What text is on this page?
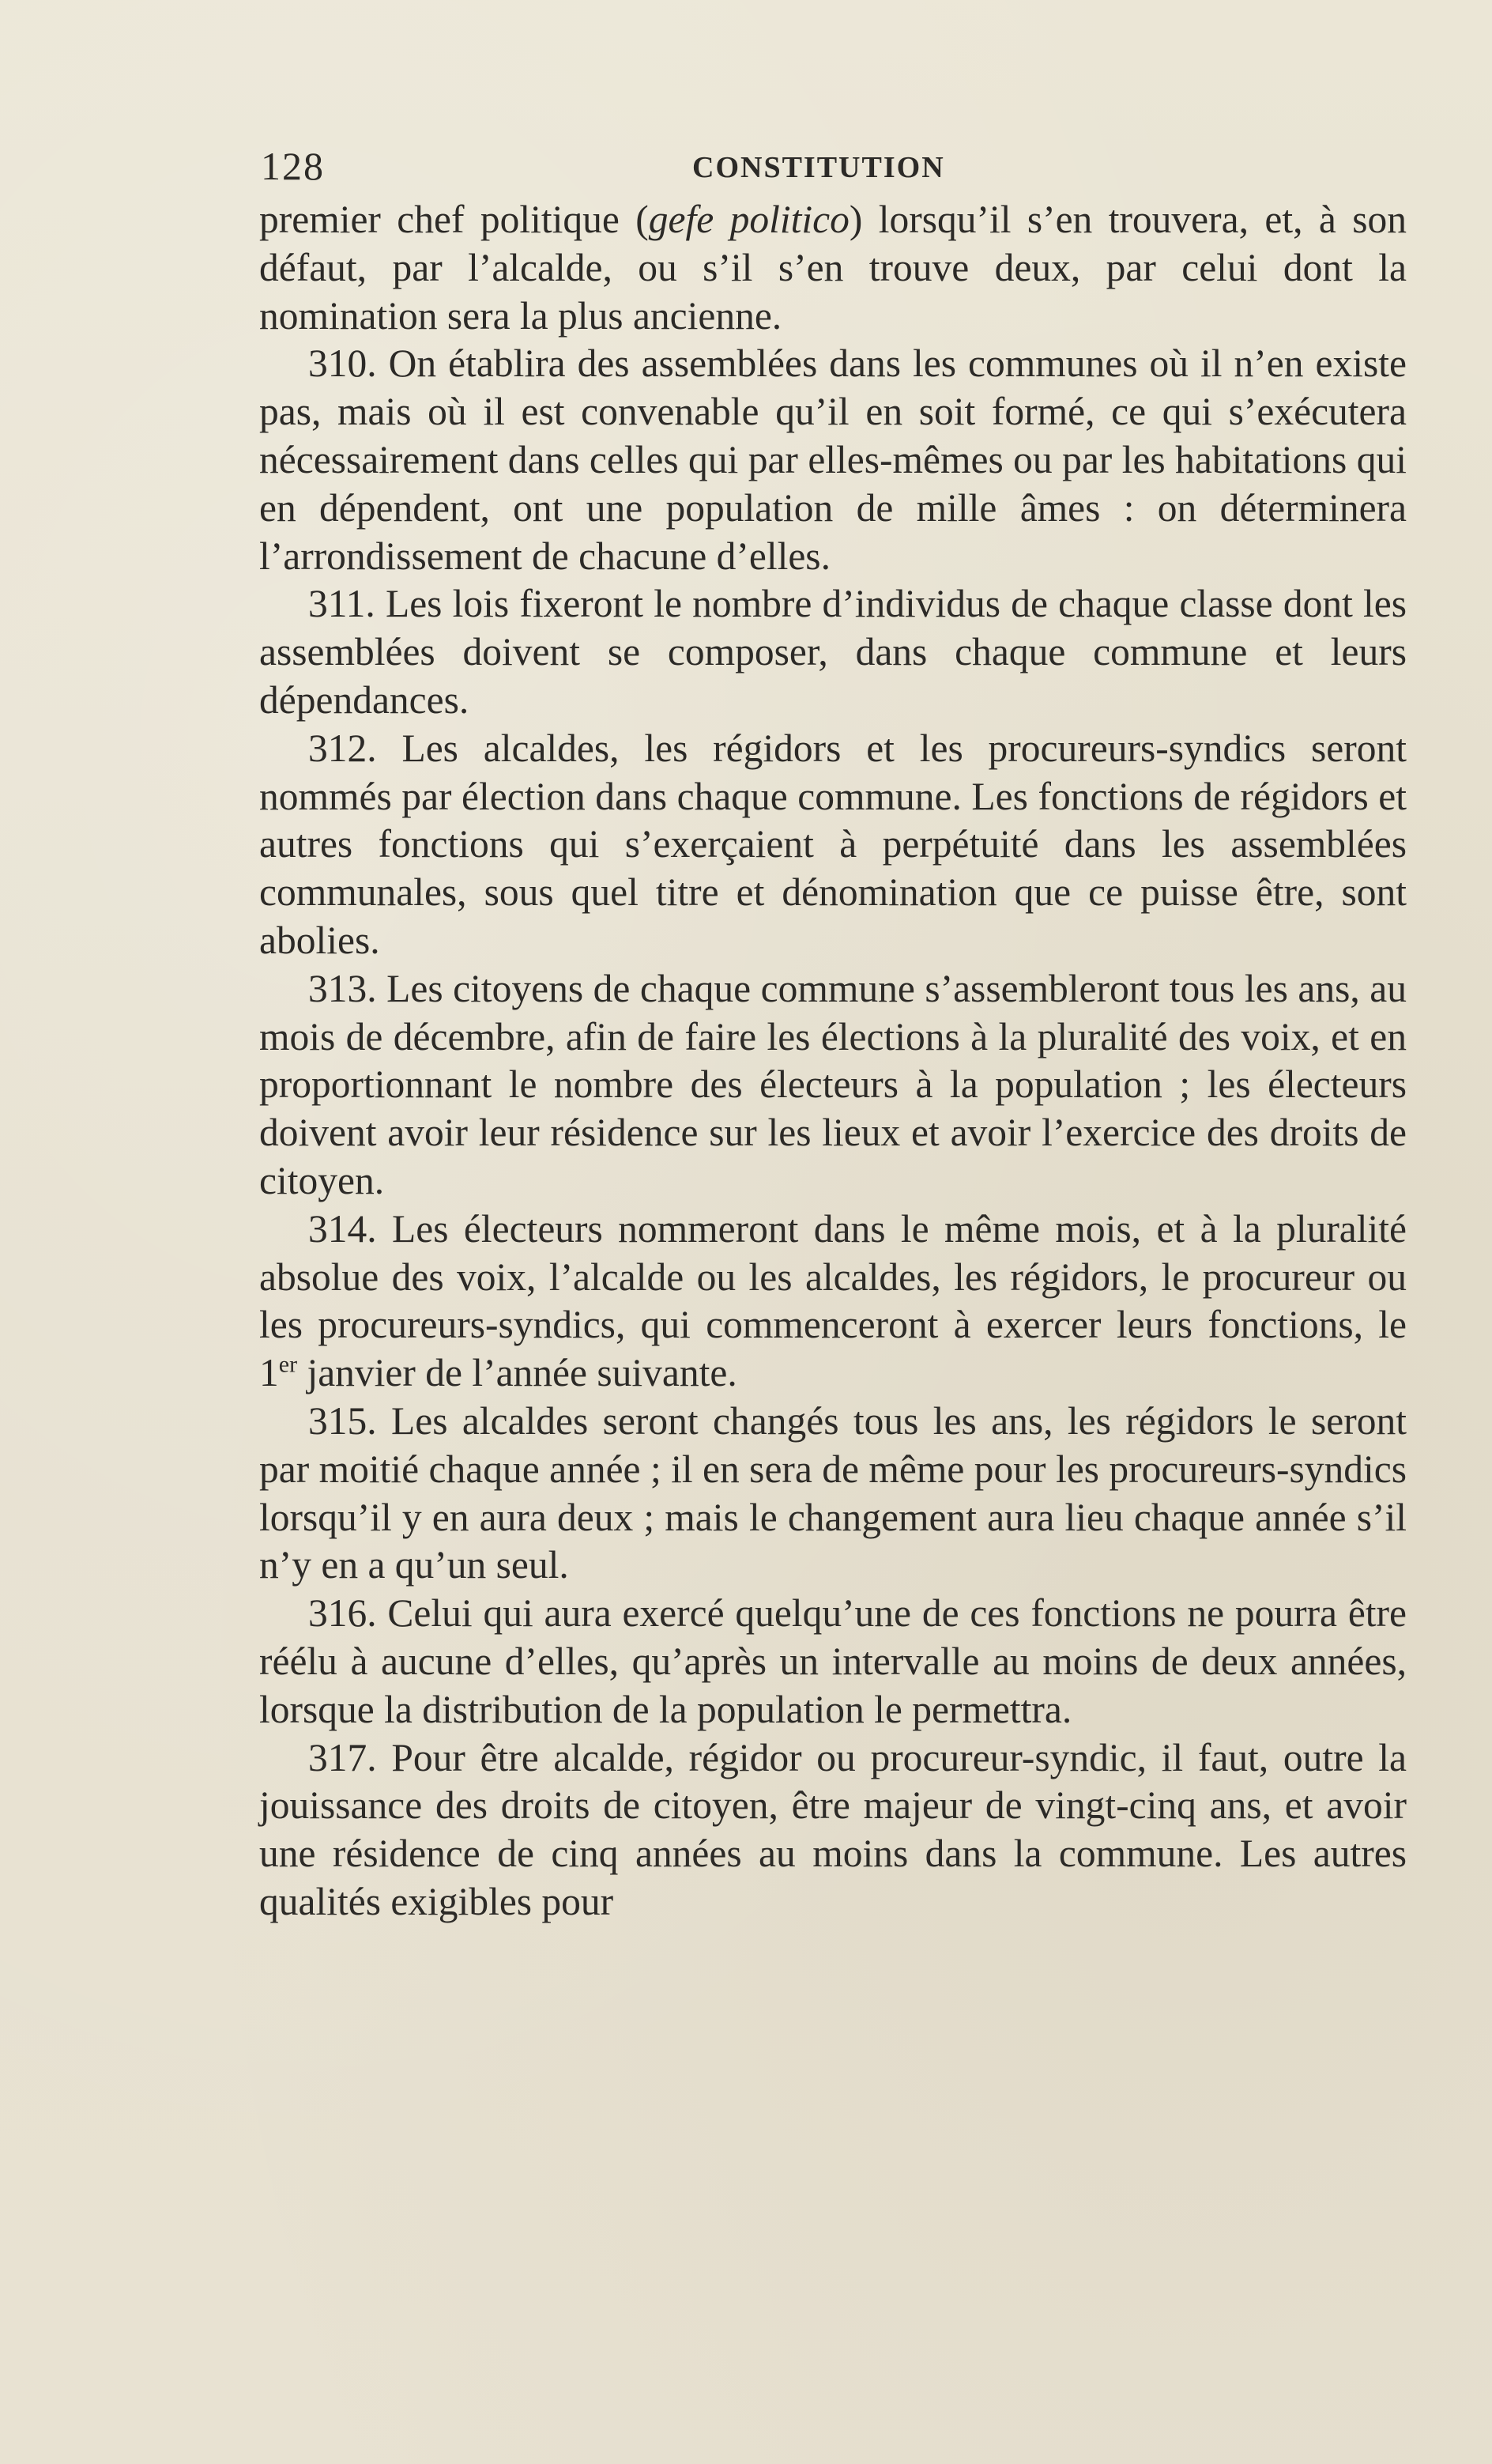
128	CONSTITUTION

premier chef politique (gefe politico) lorsqu’il s’en trouvera, et, à son défaut, par l’alcalde, ou s’il s’en trouve deux, par celui dont la nomination sera la plus ancienne.

310. On établira des assemblées dans les communes où il n’en existe pas, mais où il est convenable qu’il en soit formé, ce qui s’exécutera nécessairement dans celles qui par elles-mêmes ou par les habitations qui en dépendent, ont une population de mille âmes : on déterminera l’arrondissement de chacune d’elles.

311. Les lois fixeront le nombre d’individus de chaque classe dont les assemblées doivent se composer, dans chaque commune et leurs dépendances.

312. Les alcaldes, les régidors et les procureurs-syndics seront nommés par élection dans chaque commune. Les fonctions de régidors et autres fonctions qui s’exerçaient à perpétuité dans les assemblées communales, sous quel titre et dénomination que ce puisse être, sont abolies.

313. Les citoyens de chaque commune s’assembleront tous les ans, au mois de décembre, afin de faire les élections à la pluralité des voix, et en proportionnant le nombre des électeurs à la population ; les électeurs doivent avoir leur résidence sur les lieux et avoir l’exercice des droits de citoyen.

314. Les électeurs nommeront dans le même mois, et à la pluralité absolue des voix, l’alcalde ou les alcaldes, les régidors, le procureur ou les procureurs-syndics, qui commenceront à exercer leurs fonctions, le 1er janvier de l’année suivante.

315. Les alcaldes seront changés tous les ans, les régidors le seront par moitié chaque année ; il en sera de même pour les procureurs-syndics lorsqu’il y en aura deux ; mais le changement aura lieu chaque année s’il n’y en a qu’un seul.

316. Celui qui aura exercé quelqu’une de ces fonctions ne pourra être réélu à aucune d’elles, qu’après un intervalle au moins de deux années, lorsque la distribution de la population le permettra.

317. Pour être alcalde, régidor ou procureur-syndic, il faut, outre la jouissance des droits de citoyen, être majeur de vingt-cinq ans, et avoir une résidence de cinq années au moins dans la commune. Les autres qualités exigibles pour
